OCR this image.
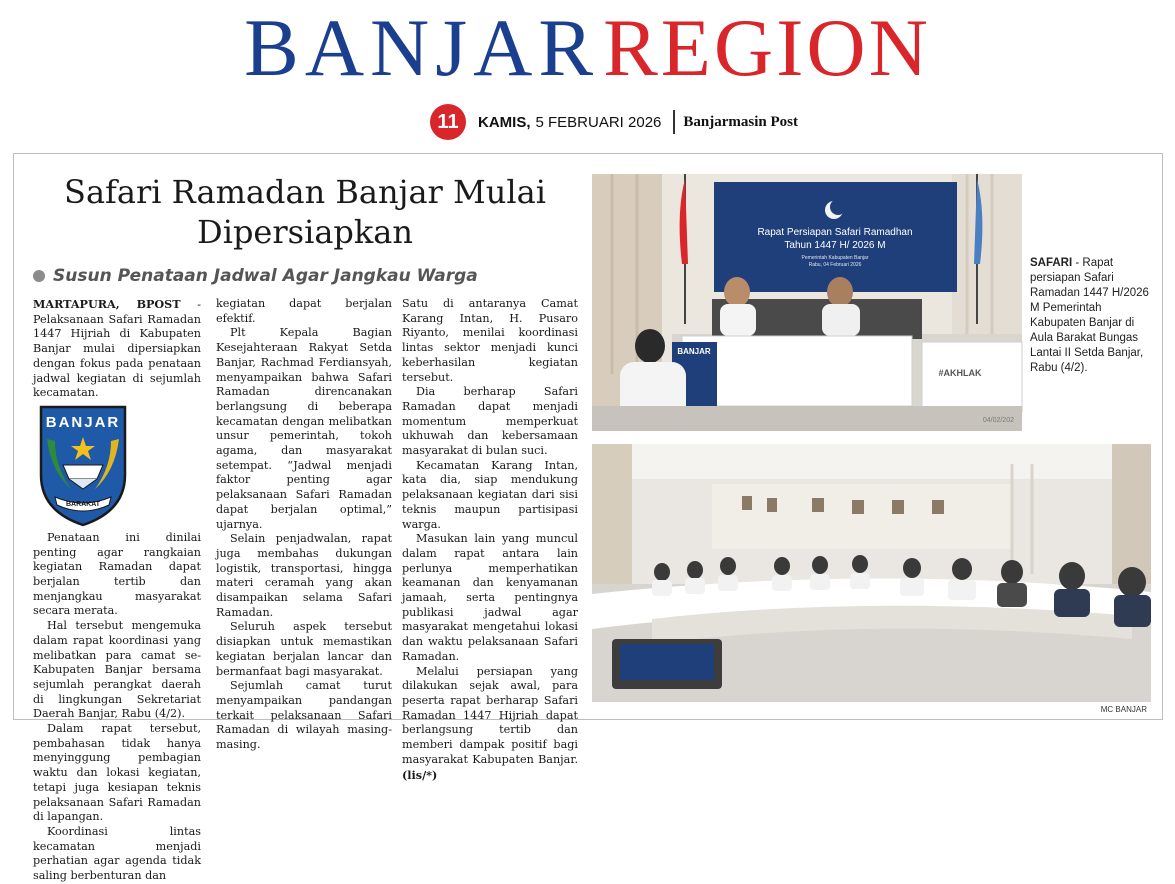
BANJARREGION
11	KAMIS, 5 FEBRUARI 2026 Banjarmasin Post
Safari Ramadan Banjar Mulai Dipersiapkan
Susun Penataan Jadwal Agar Jangkau Warga

MARTAPURA, BPOST - Pelaksanaan Safari Ramadan 1447 Hijriah di Kabupaten Banjar mulai dipersiapkan dengan fokus pada penataan jadwal kegiatan di sejumlah kecamatan.

BANJAR
BARAKAT

Penataan ini dinilai penting agar rangkaian kegiatan Ramadan dapat berjalan tertib dan menjangkau masyarakat secara merata.

Hal tersebut mengemuka dalam rapat koordinasi yang melibatkan para camat se-Kabupaten Banjar bersama sejumlah perangkat daerah di lingkungan Sekretariat Daerah Banjar, Rabu (4/2).

Dalam rapat tersebut, pembahasan tidak hanya menyinggung pembagian waktu dan lokasi kegiatan, tetapi juga kesiapan teknis pelaksanaan Safari Ramadan di lapangan.

Koordinasi lintas kecamatan menjadi perhatian agar agenda tidak saling berbenturan dan

kegiatan dapat berjalan efektif.

Plt Kepala Bagian Kesejahteraan Rakyat Setda Banjar, Rachmad Ferdiansyah, menyampaikan bahwa Safari Ramadan direncanakan berlangsung di beberapa kecamatan dengan melibatkan unsur pemerintah, tokoh agama, dan masyarakat setempat. “Jadwal menjadi faktor penting agar pelaksanaan Safari Ramadan dapat berjalan optimal,” ujarnya.

Selain penjadwalan, rapat juga membahas dukungan logistik, transportasi, hingga materi ceramah yang akan disampaikan selama Safari Ramadan.

Seluruh aspek tersebut disiapkan untuk memastikan kegiatan berjalan lancar dan bermanfaat bagi masyarakat.

Sejumlah camat turut menyampaikan pandangan terkait pelaksanaan Safari Ramadan di wilayah masing-masing.

Satu di antaranya Camat Karang Intan, H. Pusaro Riyanto, menilai koordinasi lintas sektor menjadi kunci keberhasilan kegiatan tersebut.

Dia berharap Safari Ramadan dapat menjadi momentum memperkuat ukhuwah dan kebersamaan masyarakat di bulan suci.

Kecamatan Karang Intan, kata dia, siap mendukung pelaksanaan kegiatan dari sisi teknis maupun partisipasi warga.

Masukan lain yang muncul dalam rapat antara lain perlunya memperhatikan keamanan dan kenyamanan jamaah, serta pentingnya publikasi jadwal agar masyarakat mengetahui lokasi dan waktu pelaksanaan Safari Ramadan.

Melalui persiapan yang dilakukan sejak awal, para peserta rapat berharap Safari Ramadan 1447 Hijriah dapat berlangsung tertib dan memberi dampak positif bagi masyarakat Kabupaten Banjar. (lis/*)

Rapat Persiapan Safari Ramadhan
Tahun 1447 H/ 2026 M
Pemerintah Kabupaten Banjar
Rabu, 04 Februari 2026
BANJAR
#AKHLAK
04/02/202
SAFARI - Rapat persiapan Safari Ramadan 1447 H/2026 M Pemerintah Kabupaten Banjar di Aula Barakat Bungas Lantai II Setda Banjar, Rabu (4/2).
MC BANJAR
